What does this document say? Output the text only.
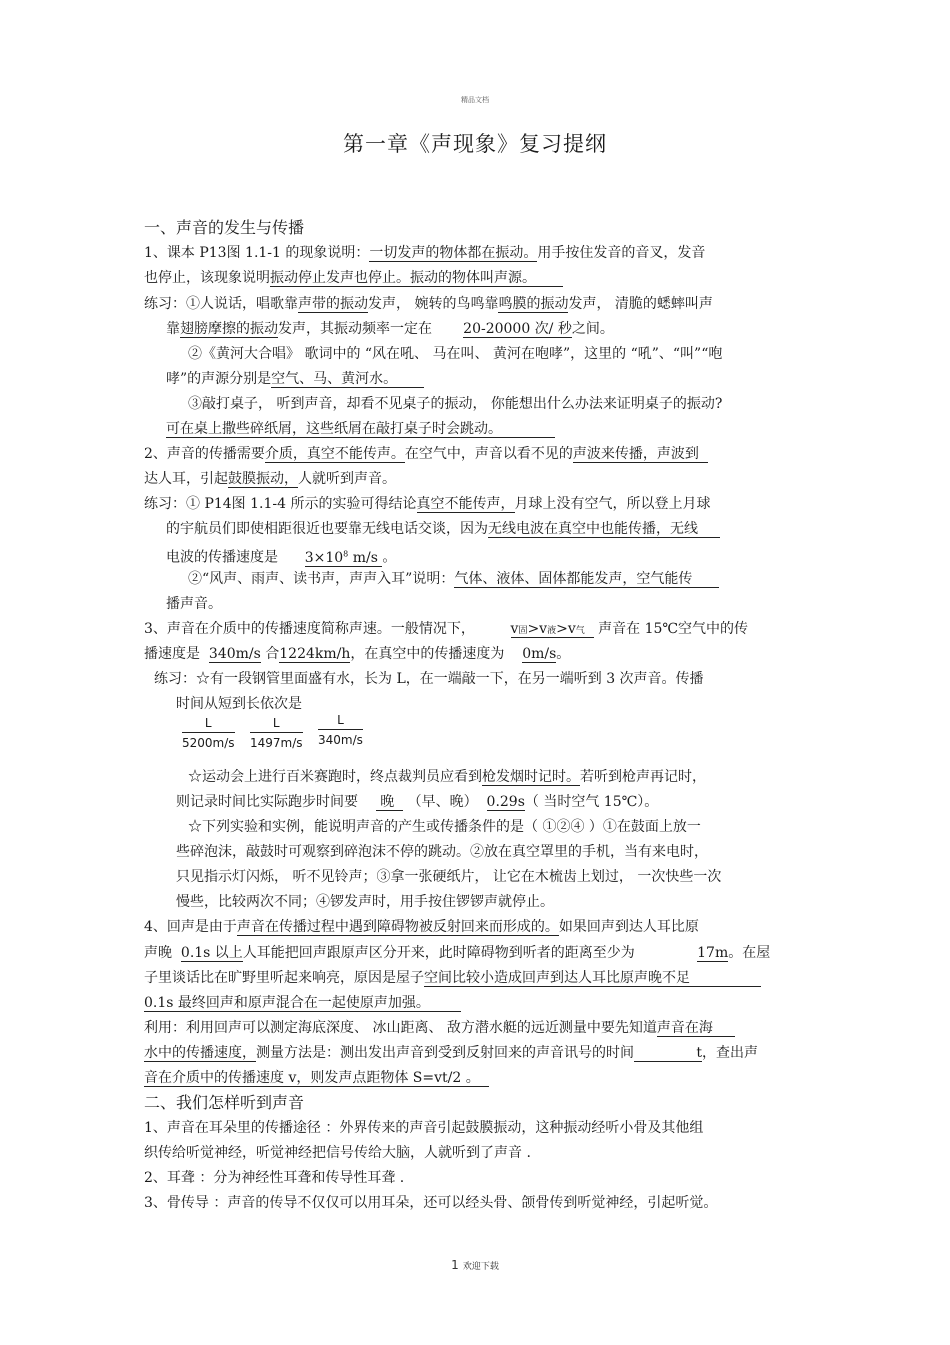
精品文档
第一章《声现象》复习提纲
一、声音的发生与传播
1、课本 P13图 1.1-1 的现象说明：一切发声的物体都在振动。用手按住发音的音叉，发音
也停止，该现象说明振动停止发声也停止。振动的物体叫声源。
练习：①人说话，唱歌靠声带的振动发声， 婉转的鸟鸣靠鸣膜的振动发声， 清脆的蟋蟀叫声
靠翅膀摩擦的振动发声，其振动频率一定在 20-20000 次/ 秒之间。
②《黄河大合唱》 歌词中的 “风在吼、 马在叫、 黄河在咆哮”，这里的 “吼”、“叫”“咆
哮”的声源分别是空气、马、黄河水。
③敲打桌子， 听到声音，却看不见桌子的振动， 你能想出什么办法来证明桌子的振动?
可在桌上撒些碎纸屑，这些纸屑在敲打桌子时会跳动。
2、声音的传播需要介质，真空不能传声。在空气中，声音以看不见的声波来传播，声波到
达人耳，引起鼓膜振动，人就听到声音。
练习：① P14图 1.1-4 所示的实验可得结论真空不能传声，月球上没有空气，所以登上月球
的宇航员们即使相距很近也要靠无线电话交谈，因为无线电波在真空中也能传播，无线
电波的传播速度是 $3\times 10^8$ m/s 。
②“风声、雨声、读书声，声声入耳”说明：气体、液体、固体都能发声，空气能传
播声音。
3、声音在介质中的传播速度简称声速。一般情况下，	v固>v液>v气   声音在 15℃空气中的传
播速度是 340m/s 合1224km/h，在真空中的传播速度为 0m/s。
练习：☆有一段钢管里面盛有水，长为 L，在一端敲一下，在另一端听到 3 次声音。传播
时间从短到长依次是
$\frac{L}{5200m/s} \frac{L}{1497m/s} \frac{L}{340m/s}$
☆运动会上进行百米赛跑时，终点裁判员应看到枪发烟时记时。若听到枪声再记时，
则记录时间比实际跑步时间要 晚 （早、晚） 0.29s（ 当时空气 15℃）。
☆下列实验和实例，能说明声音的产生或传播条件的是（ ①②④ ）①在鼓面上放一
些碎泡沫，敲鼓时可观察到碎泡沫不停的跳动。②放在真空罩里的手机，当有来电时，
只见指示灯闪烁， 听不见铃声；③拿一张硬纸片， 让它在木梳齿上划过， 一次快些一次
慢些，比较两次不同；④锣发声时，用手按住锣锣声就停止。
4、回声是由于声音在传播过程中遇到障碍物被反射回来而形成的。如果回声到达人耳比原
声晚 0.1s 以上人耳能把回声跟原声区分开来，此时障碍物到听者的距离至少为	17m。在屋
子里谈话比在旷野里听起来响亮，原因是屋子空间比较小造成回声到达人耳比原声晚不足
0.1s 最终回声和原声混合在一起使原声加强。
利用：利用回声可以测定海底深度、 冰山距离、 敌方潜水艇的远近测量中要先知道声音在海
水中的传播速度，测量方法是：测出发出声音到受到反射回来的声音讯号的时间	t，查出声
音在介质中的传播速度 v，则发声点距物体 S=vt/2 。
二、我们怎样听到声音
1、声音在耳朵里的传播途径 ：外界传来的声音引起鼓膜振动，这种振动经听小骨及其他组
织传给听觉神经，听觉神经把信号传给大脑，人就听到了声音 .
2、耳聋 ：分为神经性耳聋和传导性耳聋 .
3、骨传导 ：声音的传导不仅仅可以用耳朵，还可以经头骨、颌骨传到听觉神经，引起听觉。
1 欢迎下载
